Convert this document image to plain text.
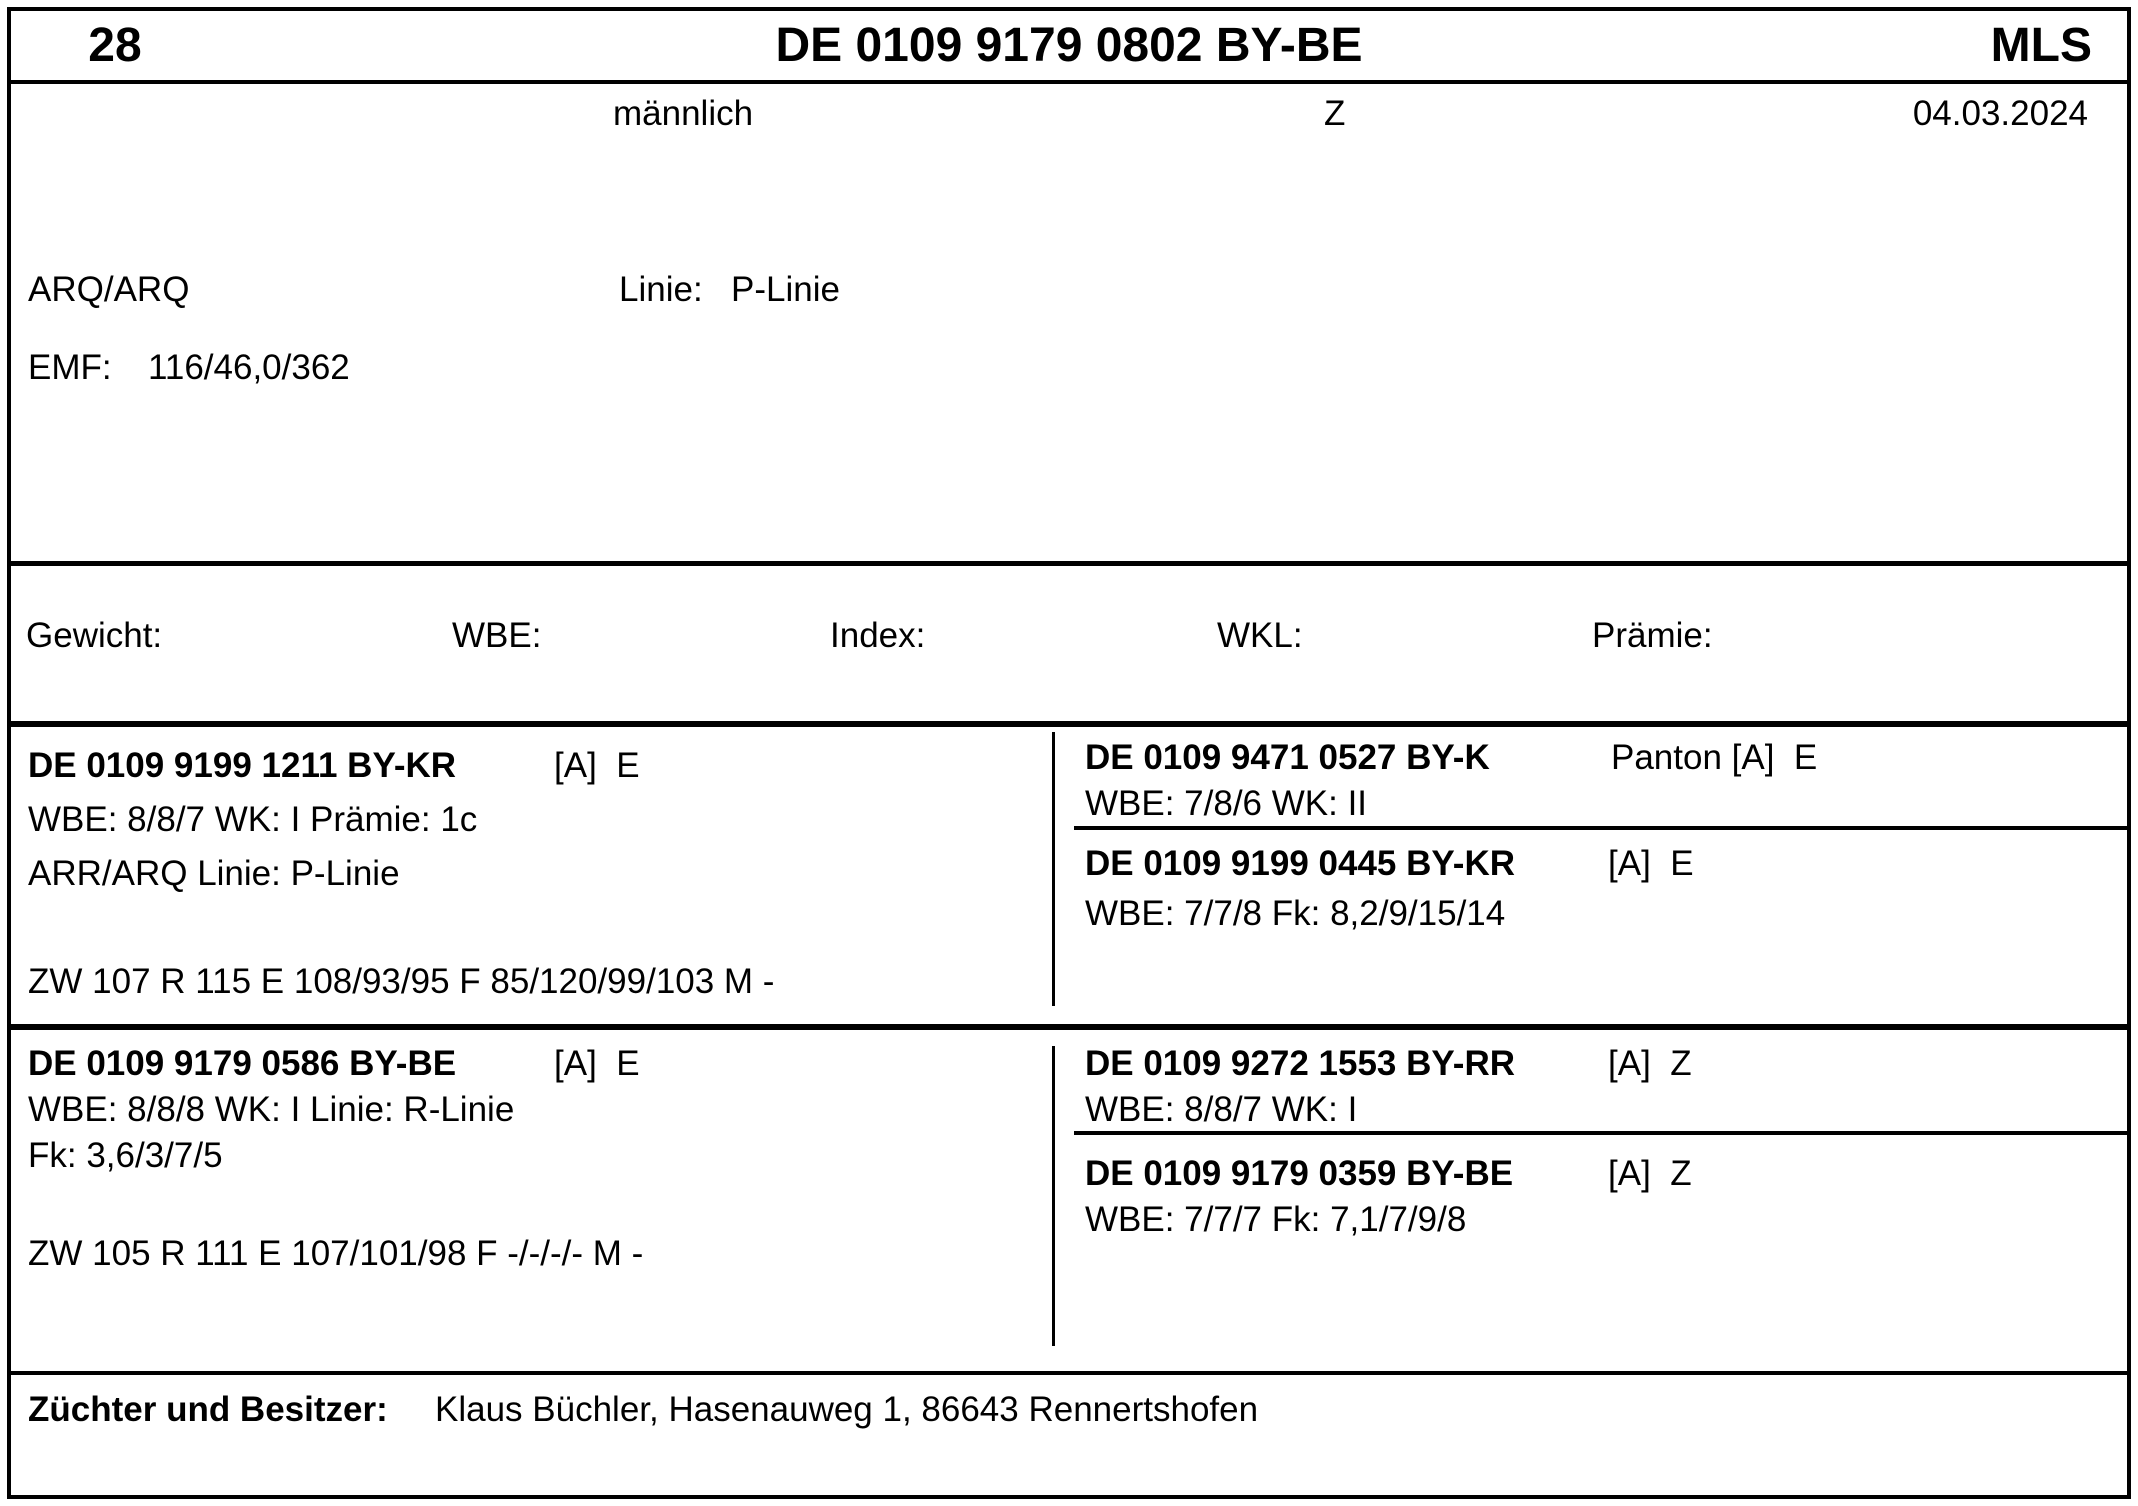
28	DE 0109 9179 0802 BY-BE	MLS
männlich	Z	04.03.2024
ARQ/ARQ	Linie: P-Linie
EMF: 116/46,0/362
Gewicht:	WBE:	Index:	WKL:	Prämie:
DE 0109 9199 1211 BY-KR	[A]  E
WBE: 8/8/7 WK: I Prämie: 1c
ARR/ARQ Linie: P-Linie
ZW 107 R 115 E 108/93/95 F 85/120/99/103 M -
DE 0109 9471 0527 BY-K	Panton [A]  E
WBE: 7/8/6 WK: II
DE 0109 9199 0445 BY-KR	[A]  E
WBE: 7/7/8 Fk: 8,2/9/15/14
DE 0109 9179 0586 BY-BE	[A]  E
WBE: 8/8/8 WK: I Linie: R-Linie
Fk: 3,6/3/7/5
ZW 105 R 111 E 107/101/98 F -/-/-/- M -
DE 0109 9272 1553 BY-RR	[A]  Z
WBE: 8/8/7 WK: I
DE 0109 9179 0359 BY-BE	[A]  Z
WBE: 7/7/7 Fk: 7,1/7/9/8
Züchter und Besitzer: Klaus Büchler, Hasenauweg 1, 86643 Rennertshofen
